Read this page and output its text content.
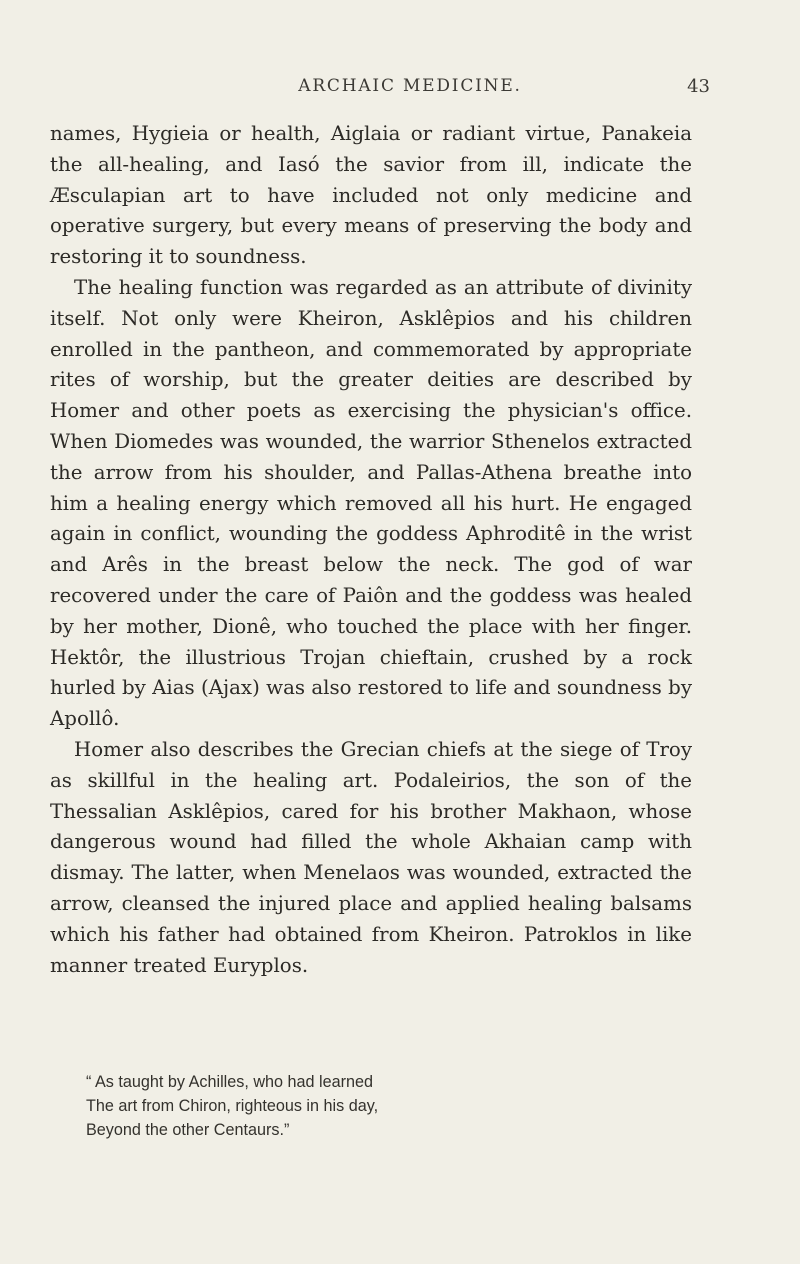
ARCHAIC MEDICINE.	43

names, Hygieia or health, Aiglaia or radiant virtue, Panakeia the all-healing, and Iasó the savior from ill, indicate the Æsculapian art to have included not only medicine and operative surgery, but every means of preserving the body and restoring it to soundness.

The healing function was regarded as an attribute of divinity itself. Not only were Kheiron, Asklêpios and his children enrolled in the pantheon, and commemorated by appropriate rites of worship, but the greater deities are described by Homer and other poets as exercising the physician's office. When Diomedes was wounded, the warrior Sthenelos extracted the arrow from his shoulder, and Pallas-Athena breathe into him a healing energy which removed all his hurt. He engaged again in conflict, wounding the goddess Aphroditê in the wrist and Arês in the breast below the neck. The god of war recovered under the care of Paiôn and the goddess was healed by her mother, Dionê, who touched the place with her finger. Hektôr, the illustrious Trojan chieftain, crushed by a rock hurled by Aias (Ajax) was also restored to life and soundness by Apollô.

Homer also describes the Grecian chiefs at the siege of Troy as skillful in the healing art. Podaleirios, the son of the Thessalian Asklêpios, cared for his brother Makhaon, whose dangerous wound had filled the whole Akhaian camp with dismay. The latter, when Menelaos was wounded, extracted the arrow, cleansed the injured place and applied healing balsams which his father had obtained from Kheiron. Patroklos in like manner treated Euryplos.

“ As taught by Achilles, who had learned
The art from Chiron, righteous in his day,
Beyond the other Centaurs.”
